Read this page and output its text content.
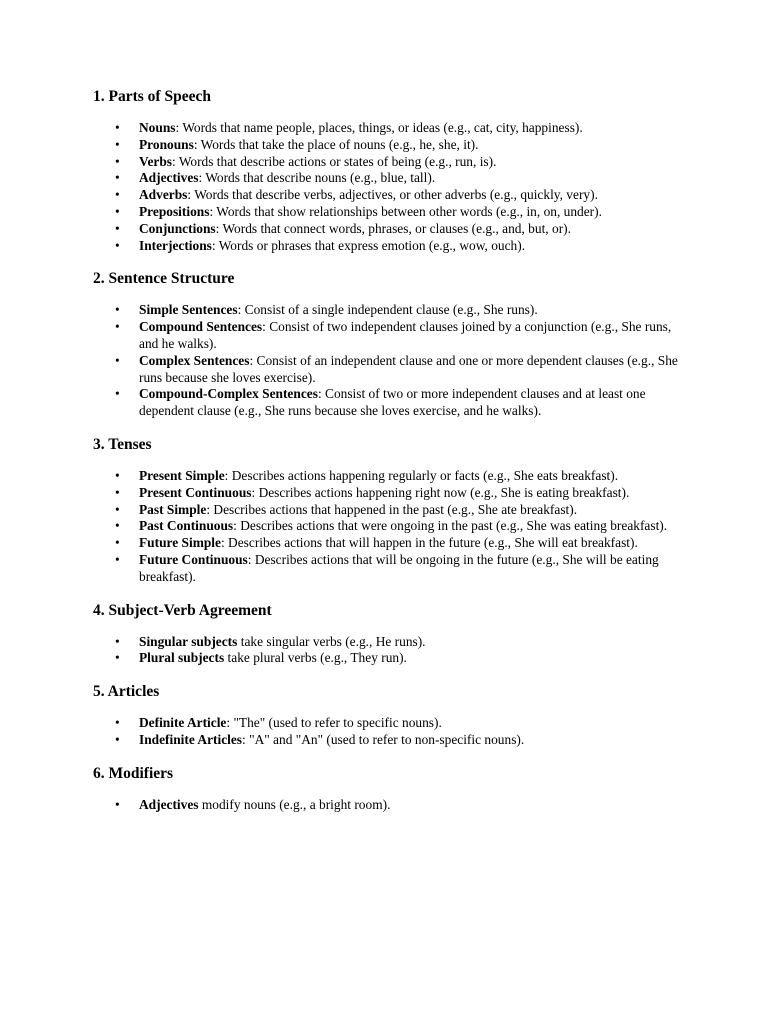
1. Parts of Speech
• Nouns: Words that name people, places, things, or ideas (e.g., cat, city, happiness).
• Pronouns: Words that take the place of nouns (e.g., he, she, it).
• Verbs: Words that describe actions or states of being (e.g., run, is).
• Adjectives: Words that describe nouns (e.g., blue, tall).
• Adverbs: Words that describe verbs, adjectives, or other adverbs (e.g., quickly, very).
• Prepositions: Words that show relationships between other words (e.g., in, on, under).
• Conjunctions: Words that connect words, phrases, or clauses (e.g., and, but, or).
• Interjections: Words or phrases that express emotion (e.g., wow, ouch).
2. Sentence Structure
• Simple Sentences: Consist of a single independent clause (e.g., She runs).
• Compound Sentences: Consist of two independent clauses joined by a conjunction (e.g., She runs, and he walks).
• Complex Sentences: Consist of an independent clause and one or more dependent clauses (e.g., She runs because she loves exercise).
• Compound-Complex Sentences: Consist of two or more independent clauses and at least one dependent clause (e.g., She runs because she loves exercise, and he walks).
3. Tenses
• Present Simple: Describes actions happening regularly or facts (e.g., She eats breakfast).
• Present Continuous: Describes actions happening right now (e.g., She is eating breakfast).
• Past Simple: Describes actions that happened in the past (e.g., She ate breakfast).
• Past Continuous: Describes actions that were ongoing in the past (e.g., She was eating breakfast).
• Future Simple: Describes actions that will happen in the future (e.g., She will eat breakfast).
• Future Continuous: Describes actions that will be ongoing in the future (e.g., She will be eating breakfast).
4. Subject-Verb Agreement
• Singular subjects take singular verbs (e.g., He runs).
• Plural subjects take plural verbs (e.g., They run).
5. Articles
• Definite Article: "The" (used to refer to specific nouns).
• Indefinite Articles: "A" and "An" (used to refer to non-specific nouns).
6. Modifiers
• Adjectives modify nouns (e.g., a bright room).
